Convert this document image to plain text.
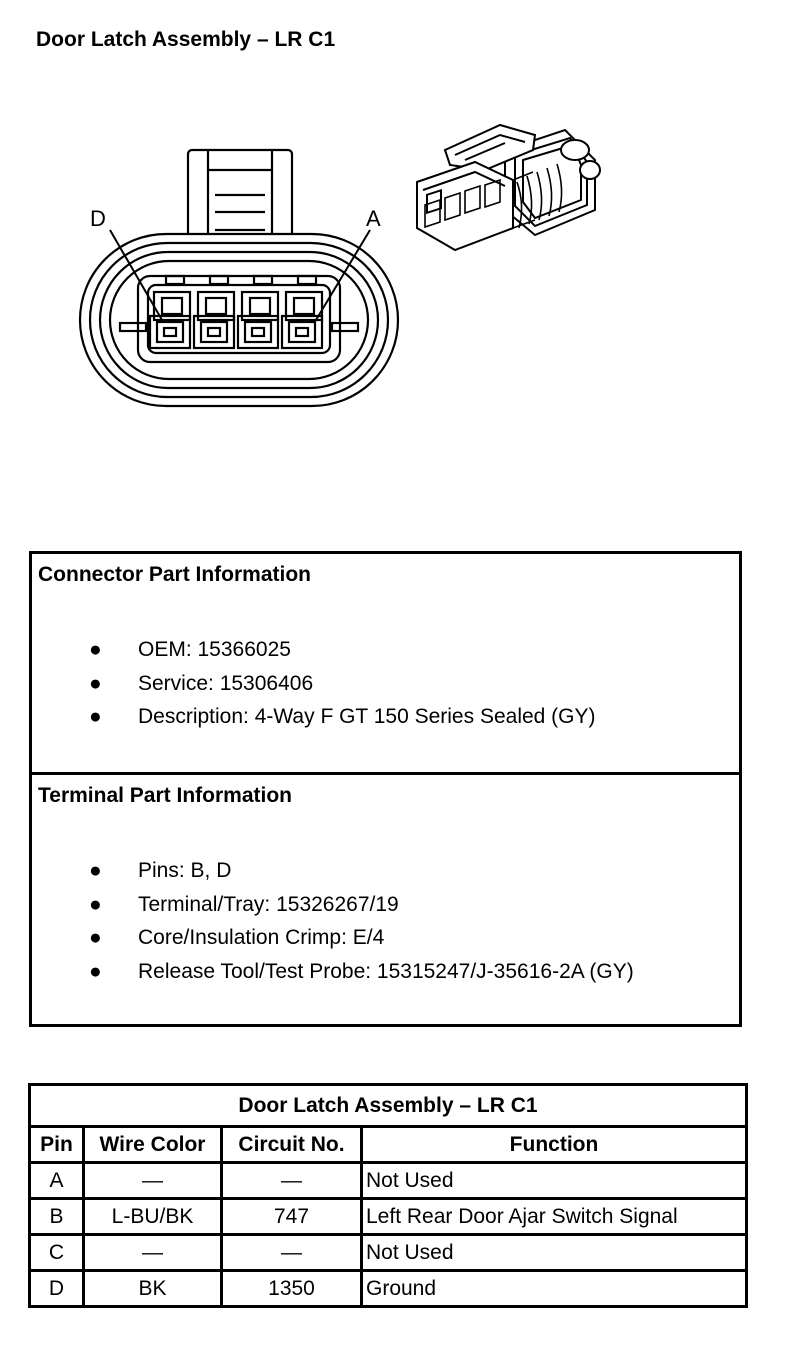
Door Latch Assembly – LR C1
D	A
Connector Part Information
● OEM: 15366025
● Service: 15306406
● Description: 4-Way F GT 150 Series Sealed (GY)
Terminal Part Information
● Pins: B, D
● Terminal/Tray: 15326267/19
● Core/Insulation Crimp: E/4
● Release Tool/Test Probe: 15315247/J-35616-2A (GY)
Door Latch Assembly – LR C1			
Pin	Wire Color	Circuit No.	Function
A	—	—	Not Used
B	L-BU/BK	747	Left Rear Door Ajar Switch Signal
C	—	—	Not Used
D	BK	1350	Ground
